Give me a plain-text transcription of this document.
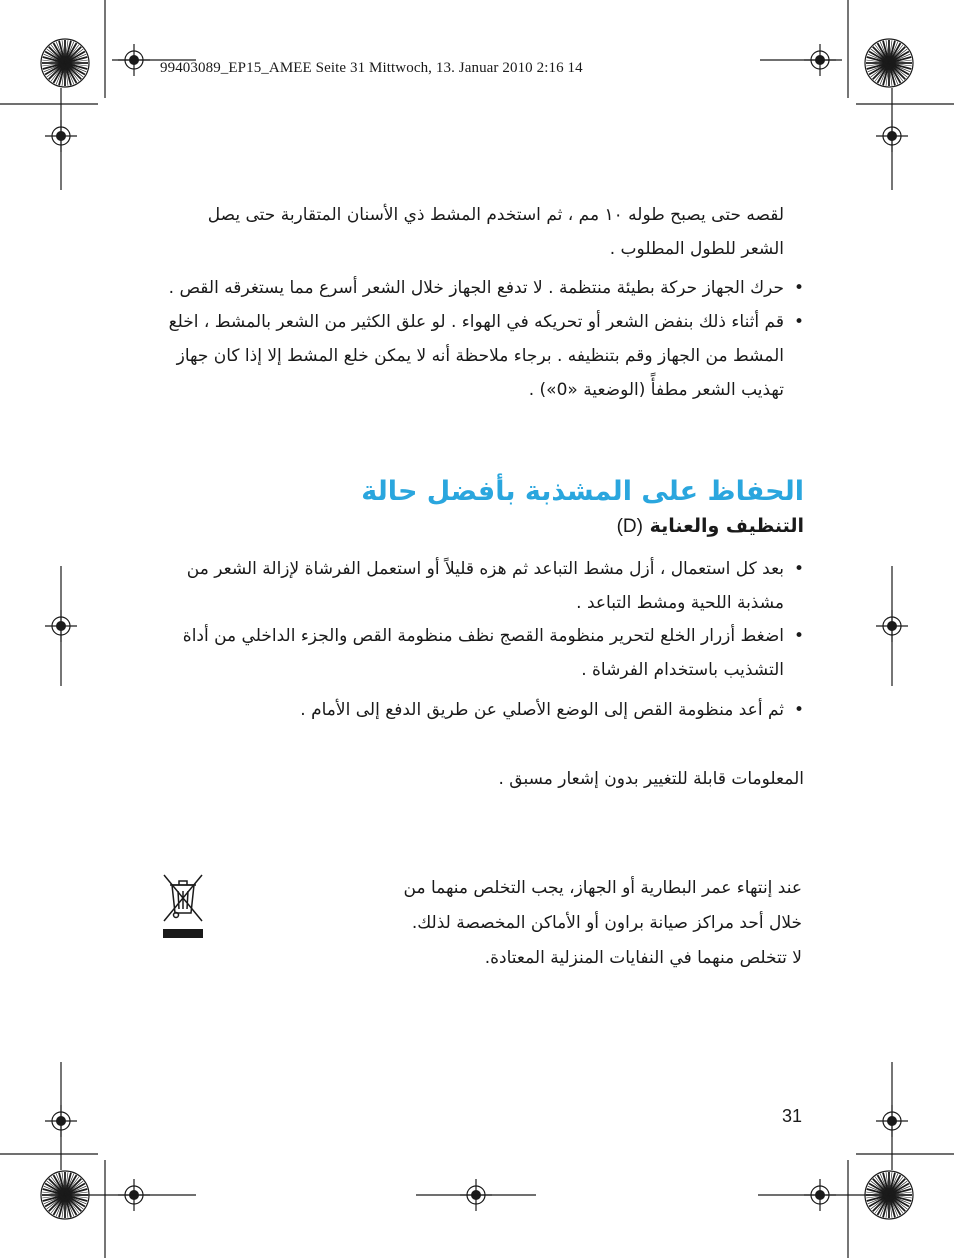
99403089_EP15_AMEE Seite 31 Mittwoch, 13. Januar 2010 2:16 14
لقصه حتى يصبح طوله ١٠ مم ، ثم استخدم المشط ذي الأسنان المتقاربة حتى يصل
الشعر للطول المطلوب .
•
حرك الجهاز حركة بطيئة منتظمة . لا تدفع الجهاز خلال الشعر أسرع مما يستغرقه القص .
•
قم أثناء ذلك بنفض الشعر أو تحريكه في الهواء . لو علق الكثير من الشعر بالمشط ، اخلع المشط من الجهاز وقم بتنظيفه . برجاء ملاحظة أنه لا يمكن خلع المشط إلا إذا كان جهاز تهذيب الشعر مطفأً (الوضعية «0») .
الحفاظ على المشذبة بأفضل حالة
التنظيف والعناية (D)
•
بعد كل استعمال ، أزل مشط التباعد ثم هزه قليلاً أو استعمل الفرشاة لإزالة الشعر من مشذبة اللحية ومشط التباعد .
•
اضغط أزرار الخلع لتحرير منظومة القصج نظف منظومة القص والجزء الداخلي من أداة التشذيب باستخدام الفرشاة .
•
ثم أعد منظومة القص إلى الوضع الأصلي عن طريق الدفع إلى الأمام .
المعلومات قابلة للتغيير بدون إشعار مسبق .
عند إنتهاء عمر البطارية أو الجهاز، يجب التخلص منهما من
خلال أحد مراكز صيانة براون أو الأماكن المخصصة لذلك.
لا تتخلص منهما في النفايات المنزلية المعتادة.
31
